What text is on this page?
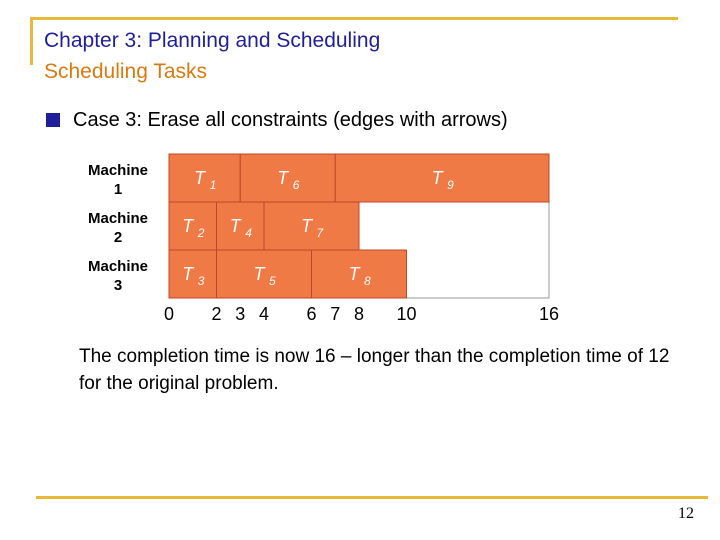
Chapter 3: Planning and Scheduling
Scheduling Tasks
Case 3: Erase all constraints (edges with arrows)
Machine
1
T 1	T 6	T 9
Machine
2
T 2 T 4	T 7
Machine
3
T 3	T 5	T 8
0 2 3 4 6 7 8 10	16
The completion time is now 16 – longer than the completion time of 12 for the original problem.
12
